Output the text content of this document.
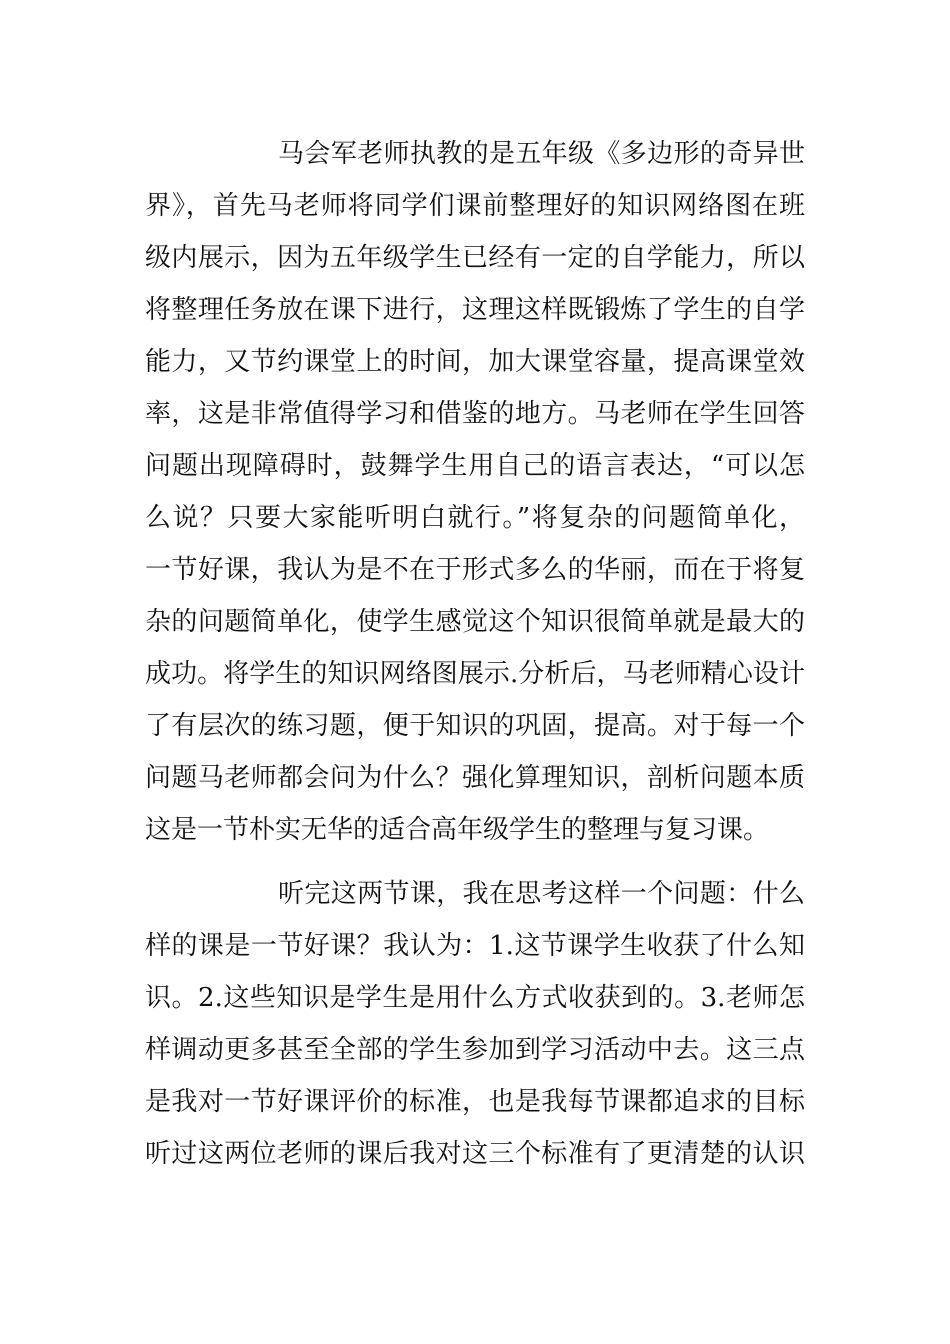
马会军老师执教的是五年级《多边形的奇异世
界》，首先马老师将同学们课前整理好的知识网络图在班
级内展示，因为五年级学生已经有一定的自学能力，所以
将整理任务放在课下进行，这理这样既锻炼了学生的自学
能力，又节约课堂上的时间，加大课堂容量，提高课堂效
率，这是非常值得学习和借鉴的地方。马老师在学生回答
问题出现障碍时，鼓舞学生用自己的语言表达，“可以怎
么说？只要大家能听明白就行。”将复杂的问题简单化，
一节好课，我认为是不在于形式多么的华丽，而在于将复
杂的问题简单化，使学生感觉这个知识很简单就是最大的
成功。将学生的知识网络图展示.分析后，马老师精心设计
了有层次的练习题，便于知识的巩固，提高。对于每一个
问题马老师都会问为什么？强化算理知识，剖析问题本质
这是一节朴实无华的适合高年级学生的整理与复习课。
听完这两节课，我在思考这样一个问题：什么
样的课是一节好课？我认为：1.这节课学生收获了什么知
识。2.这些知识是学生是用什么方式收获到的。3.老师怎
样调动更多甚至全部的学生参加到学习活动中去。这三点
是我对一节好课评价的标准，也是我每节课都追求的目标
听过这两位老师的课后我对这三个标准有了更清楚的认识
